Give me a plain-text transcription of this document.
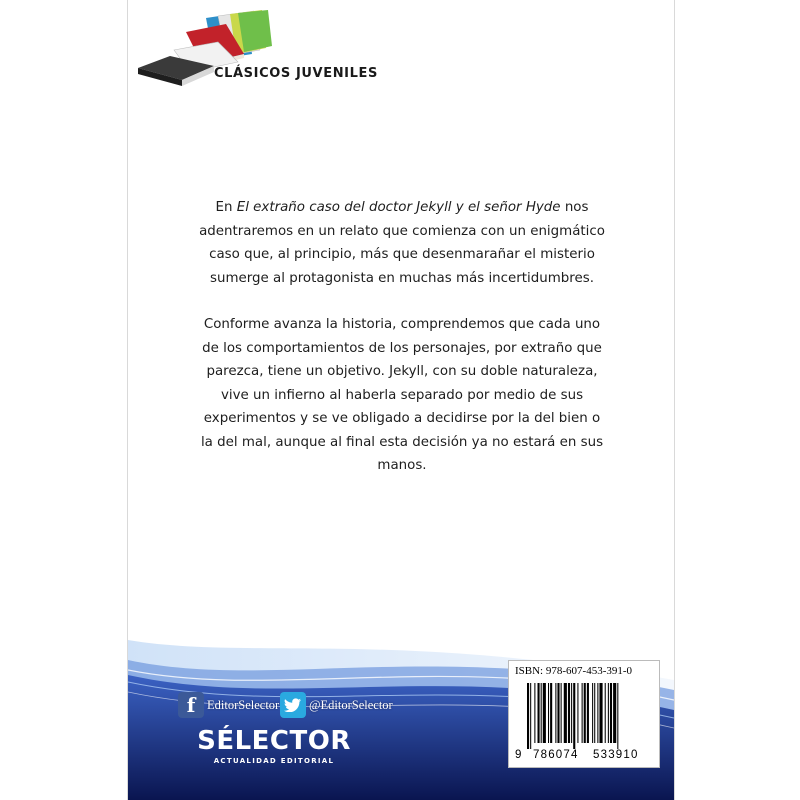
CLÁSICOS JUVENILES

En El extraño caso del doctor Jekyll y el señor Hyde nos adentraremos en un relato que comienza con un enigmático caso que, al principio, más que desenmarañar el misterio sumerge al protagonista en muchas más incertidumbres.

Conforme avanza la historia, comprendemos que cada uno de los comportamientos de los personajes, por extraño que parezca, tiene un objetivo. Jekyll, con su doble naturaleza, vive un infierno al haberla separado por medio de sus experimentos y se ve obligado a decidirse por la del bien o la del mal, aunque al final esta decisión ya no estará en sus manos.

f EditorSelector @EditorSelector
SÉLECTOR
ACTUALIDAD EDITORIAL
ISBN: 978-607-453-391-0
9 786074 533910
